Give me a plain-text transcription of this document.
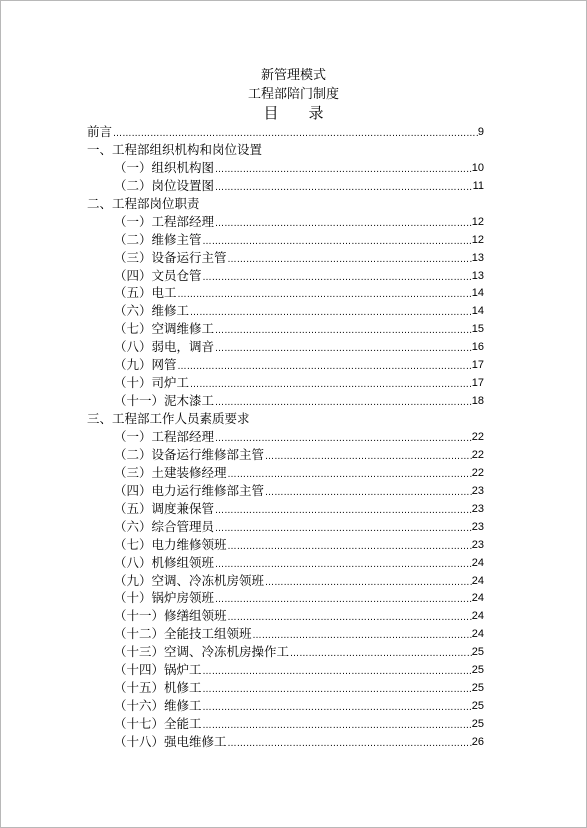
新管理模式
工程部陪门制度
目 录
前言 ………………………………………………………………………………………………………………………………………………………………………………	9
一、工程部组织机构和岗位设置
（一）组织机构图 ………………………………………………………………………………………………………………………………………………………………………………	10
（二）岗位设置图 ………………………………………………………………………………………………………………………………………………………………………………	11
二、工程部岗位职责
（一）工程部经理 ………………………………………………………………………………………………………………………………………………………………………………	12
（二）维修主管 ………………………………………………………………………………………………………………………………………………………………………………	12
（三）设备运行主管 ………………………………………………………………………………………………………………………………………………………………………………	13
（四）文员仓管 ………………………………………………………………………………………………………………………………………………………………………………	13
（五）电工 ………………………………………………………………………………………………………………………………………………………………………………	14
（六）维修工 ………………………………………………………………………………………………………………………………………………………………………………	14
（七）空调维修工 ………………………………………………………………………………………………………………………………………………………………………………	15
（八）弱电，调音 ………………………………………………………………………………………………………………………………………………………………………………	16
（九）网管 ………………………………………………………………………………………………………………………………………………………………………………	17
（十）司炉工 ………………………………………………………………………………………………………………………………………………………………………………	17
（十一）泥木漆工 ………………………………………………………………………………………………………………………………………………………………………………	18
三、工程部工作人员素质要求
（一）工程部经理 ………………………………………………………………………………………………………………………………………………………………………………	22
（二）设备运行维修部主管 ………………………………………………………………………………………………………………………………………………………………………………	22
（三）土建装修经理 ………………………………………………………………………………………………………………………………………………………………………………	22
（四）电力运行维修部主管 ………………………………………………………………………………………………………………………………………………………………………………	23
（五）调度兼保管 ………………………………………………………………………………………………………………………………………………………………………………	23
（六）综合管理员 ………………………………………………………………………………………………………………………………………………………………………………	23
（七）电力维修领班 ………………………………………………………………………………………………………………………………………………………………………………	23
（八）机修组领班 ………………………………………………………………………………………………………………………………………………………………………………	24
（九）空调、冷冻机房领班 ………………………………………………………………………………………………………………………………………………………………………………	24
（十）锅炉房领班 ………………………………………………………………………………………………………………………………………………………………………………	24
（十一）修缮组领班 ………………………………………………………………………………………………………………………………………………………………………………	24
（十二）全能技工组领班 ………………………………………………………………………………………………………………………………………………………………………………	24
（十三）空调、冷冻机房操作工 ………………………………………………………………………………………………………………………………………………………………………………	25
（十四）锅炉工 ………………………………………………………………………………………………………………………………………………………………………………	25
（十五）机修工 ………………………………………………………………………………………………………………………………………………………………………………	25
（十六）维修工 ………………………………………………………………………………………………………………………………………………………………………………	25
（十七）全能工 ………………………………………………………………………………………………………………………………………………………………………………	25
（十八）强电维修工 ………………………………………………………………………………………………………………………………………………………………………………	26
